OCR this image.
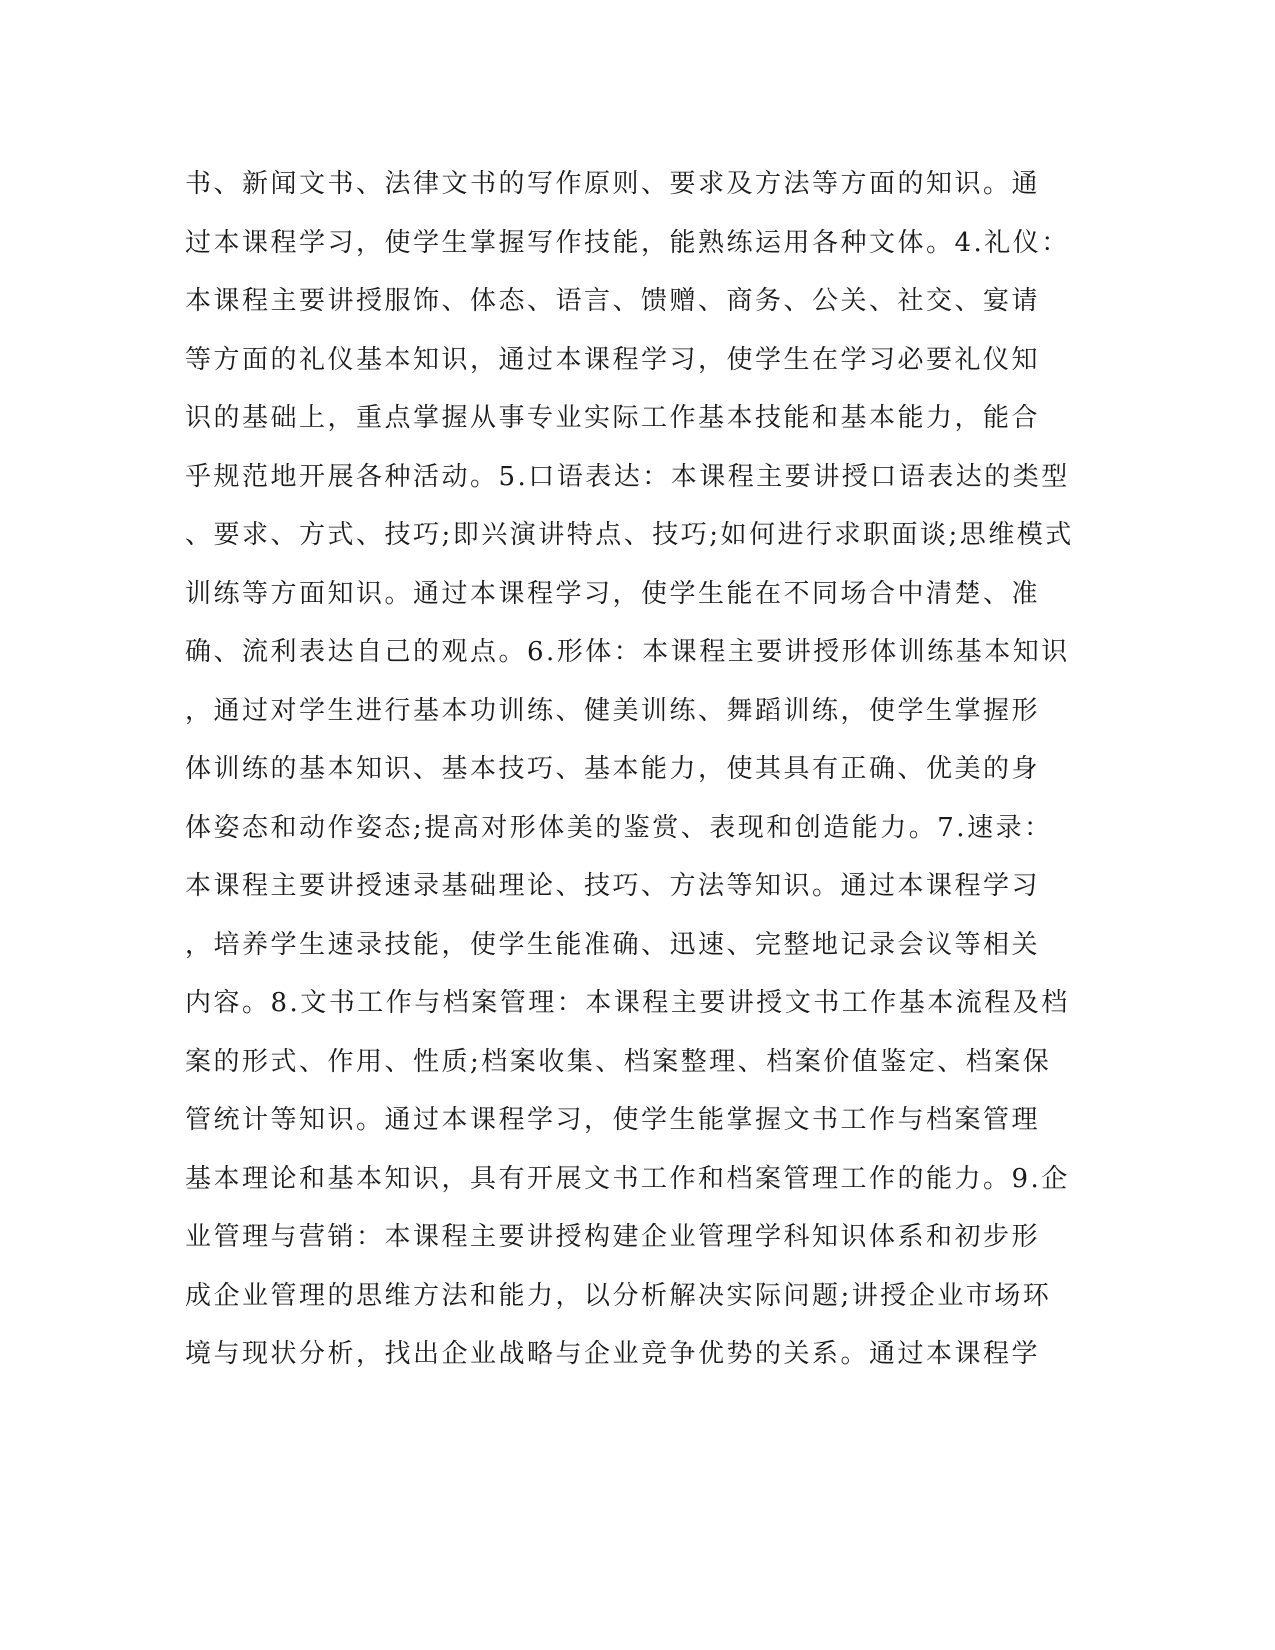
书、新闻文书、法律文书的写作原则、要求及方法等方面的知识。通
过本课程学习，使学生掌握写作技能，能熟练运用各种文体。4.礼仪：
本课程主要讲授服饰、体态、语言、馈赠、商务、公关、社交、宴请
等方面的礼仪基本知识，通过本课程学习，使学生在学习必要礼仪知
识的基础上，重点掌握从事专业实际工作基本技能和基本能力，能合
乎规范地开展各种活动。5.口语表达：本课程主要讲授口语表达的类型
、要求、方式、技巧;即兴演讲特点、技巧;如何进行求职面谈;思维模式
训练等方面知识。通过本课程学习，使学生能在不同场合中清楚、准
确、流利表达自己的观点。6.形体：本课程主要讲授形体训练基本知识
，通过对学生进行基本功训练、健美训练、舞蹈训练，使学生掌握形
体训练的基本知识、基本技巧、基本能力，使其具有正确、优美的身
体姿态和动作姿态;提高对形体美的鉴赏、表现和创造能力。7.速录：
本课程主要讲授速录基础理论、技巧、方法等知识。通过本课程学习
，培养学生速录技能，使学生能准确、迅速、完整地记录会议等相关
内容。8.文书工作与档案管理：本课程主要讲授文书工作基本流程及档
案的形式、作用、性质;档案收集、档案整理、档案价值鉴定、档案保
管统计等知识。通过本课程学习，使学生能掌握文书工作与档案管理
基本理论和基本知识，具有开展文书工作和档案管理工作的能力。9.企
业管理与营销：本课程主要讲授构建企业管理学科知识体系和初步形
成企业管理的思维方法和能力，以分析解决实际问题;讲授企业市场环
境与现状分析，找出企业战略与企业竞争优势的关系。通过本课程学
